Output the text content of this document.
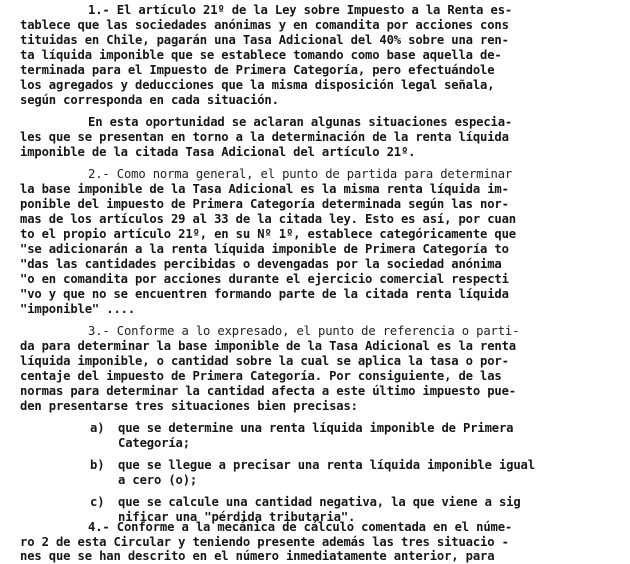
1.- El artículo 21º de la Ley sobre Impuesto a la Renta es-
tablece que las sociedades anónimas y en comandita por acciones cons
tituidas en Chile, pagarán una Tasa Adicional del 40% sobre una ren-
ta líquida imponible que se establece tomando como base aquella de-
terminada para el Impuesto de Primera Categoría, pero efectuándole
los agregados y deducciones que la misma disposición legal señala,
según corresponda en cada situación.
En esta oportunidad se aclaran algunas situaciones especia-
les que se presentan en torno a la determinación de la renta líquida
imponible de la citada Tasa Adicional del artículo 21º.
2.- Como norma general, el punto de partida para determinar
la base imponible de la Tasa Adicional es la misma renta líquida im-
ponible del impuesto de Primera Categoría determinada según las nor-
mas de los artículos 29 al 33 de la citada ley. Esto es así, por cuan
to el propio artículo 21º, en su Nº 1º, establece categóricamente que
"se adicionarán a la renta líquida imponible de Primera Categoría to
"das las cantidades percibidas o devengadas por la sociedad anónima
"o en comandita por acciones durante el ejercicio comercial respecti
"vo y que no se encuentren formando parte de la citada renta líquida
"imponible" ....
3.- Conforme a lo expresado, el punto de referencia o parti-
da para determinar la base imponible de la Tasa Adicional es la renta
líquida imponible, o cantidad sobre la cual se aplica la tasa o por-
centaje del impuesto de Primera Categoría. Por consiguiente, de las
normas para determinar la cantidad afecta a este último impuesto pue-
den presentarse tres situaciones bien precisas:
a) que se determine una renta líquida imponible de Primera
Categoría;
b) que se llegue a precisar una renta líquida imponible igual
a cero (o);
c) que se calcule una cantidad negativa, la que viene a sig
nificar una "pérdida tributaria".
4.- Conforme a la mecánica de cálculo comentada en el núme-
ro 2 de esta Circular y teniendo presente además las tres situacio -
nes que se han descrito en el número inmediatamente anterior, para
